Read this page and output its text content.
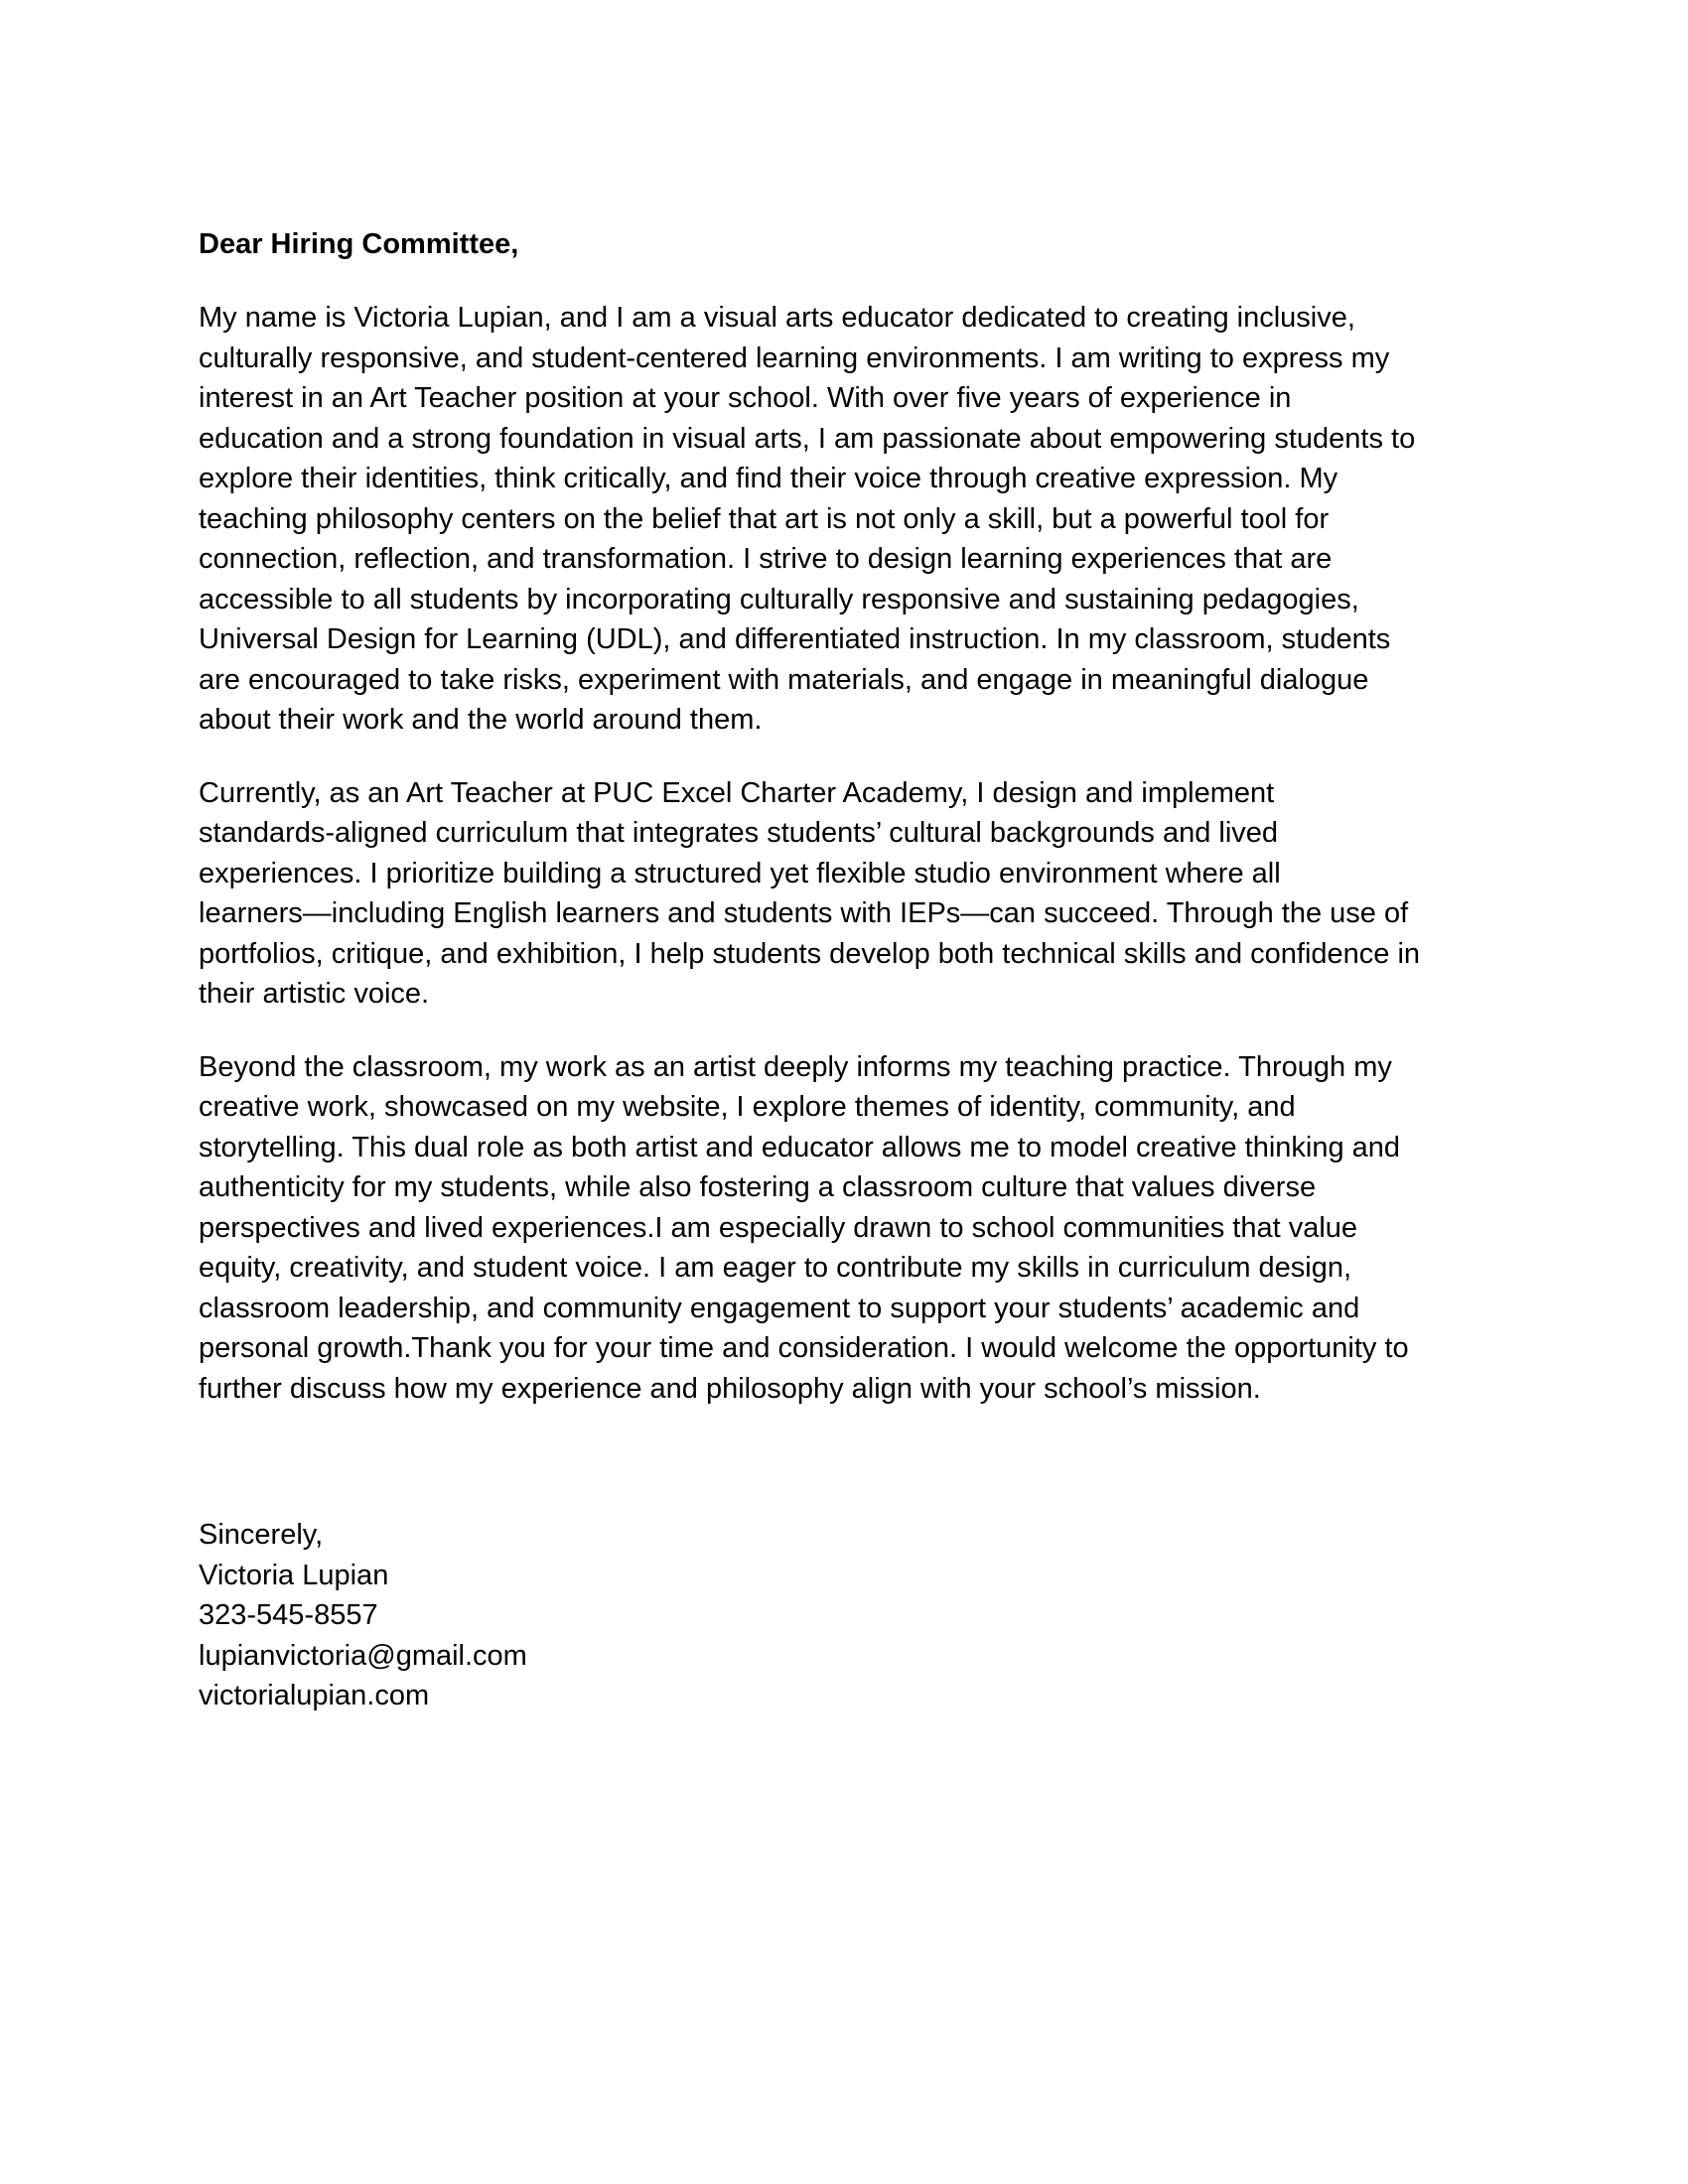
Dear Hiring Committee,

My name is Victoria Lupian, and I am a visual arts educator dedicated to creating inclusive,
culturally responsive, and student-centered learning environments. I am writing to express my
interest in an Art Teacher position at your school. With over five years of experience in
education and a strong foundation in visual arts, I am passionate about empowering students to
explore their identities, think critically, and find their voice through creative expression. My
teaching philosophy centers on the belief that art is not only a skill, but a powerful tool for
connection, reflection, and transformation. I strive to design learning experiences that are
accessible to all students by incorporating culturally responsive and sustaining pedagogies,
Universal Design for Learning (UDL), and differentiated instruction. In my classroom, students
are encouraged to take risks, experiment with materials, and engage in meaningful dialogue
about their work and the world around them.

Currently, as an Art Teacher at PUC Excel Charter Academy, I design and implement
standards-aligned curriculum that integrates students’ cultural backgrounds and lived
experiences. I prioritize building a structured yet flexible studio environment where all
learners—including English learners and students with IEPs—can succeed. Through the use of
portfolios, critique, and exhibition, I help students develop both technical skills and confidence in
their artistic voice.

Beyond the classroom, my work as an artist deeply informs my teaching practice. Through my
creative work, showcased on my website, I explore themes of identity, community, and
storytelling. This dual role as both artist and educator allows me to model creative thinking and
authenticity for my students, while also fostering a classroom culture that values diverse
perspectives and lived experiences.I am especially drawn to school communities that value
equity, creativity, and student voice. I am eager to contribute my skills in curriculum design,
classroom leadership, and community engagement to support your students’ academic and
personal growth.Thank you for your time and consideration. I would welcome the opportunity to
further discuss how my experience and philosophy align with your school’s mission.

Sincerely,
Victoria Lupian
323-545-8557
lupianvictoria@gmail.com
victorialupian.com
